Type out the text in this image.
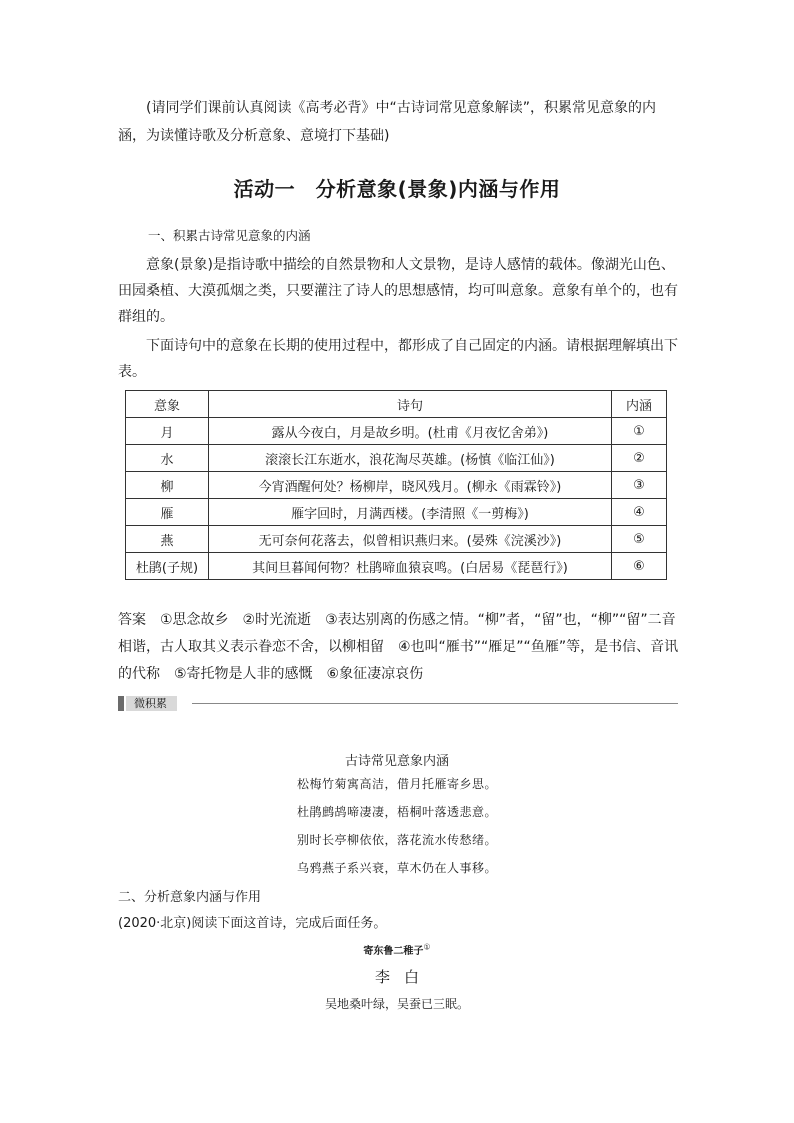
(请同学们课前认真阅读《高考必背》中“古诗词常见意象解读”，积累常见意象的内涵，为读懂诗歌及分析意象、意境打下基础)
活动一　分析意象(景象)内涵与作用
一、积累古诗常见意象的内涵
意象(景象)是指诗歌中描绘的自然景物和人文景物，是诗人感情的载体。像湖光山色、田园桑植、大漠孤烟之类，只要灌注了诗人的思想感情，均可叫意象。意象有单个的，也有群组的。
下面诗句中的意象在长期的使用过程中，都形成了自己固定的内涵。请根据理解填出下表。
意象	诗句	内涵
月	露从今夜白，月是故乡明。(杜甫《月夜忆舍弟》)	①
水	滚滚长江东逝水，浪花淘尽英雄。(杨慎《临江仙》)	②
柳	今宵酒醒何处？杨柳岸，晓风残月。(柳永《雨霖铃》)	③
雁	雁字回时，月满西楼。(李清照《一剪梅》)	④
燕	无可奈何花落去，似曾相识燕归来。(晏殊《浣溪沙》)	⑤
杜鹃(子规)	其间旦暮闻何物？杜鹃啼血猿哀鸣。(白居易《琵琶行》)	⑥
答案　①思念故乡　②时光流逝　③表达别离的伤感之情。“柳”者，“留”也，“柳”“留”二音相谐，古人取其义表示眷恋不舍，以柳相留　④也叫“雁书”“雁足”“鱼雁”等，是书信、音讯的代称　⑤寄托物是人非的感慨　⑥象征凄凉哀伤
微积累
古诗常见意象内涵
松梅竹菊寓高洁，借月托雁寄乡思。
杜鹃鹧鸪啼凄凄，梧桐叶落透悲意。
别时长亭柳依依，落花流水传愁绪。
乌鸦燕子系兴衰，草木仍在人事移。
二、分析意象内涵与作用
(2020·北京)阅读下面这首诗，完成后面任务。
寄东鲁二稚子①
李白
吴地桑叶绿，吴蚕已三眠。
